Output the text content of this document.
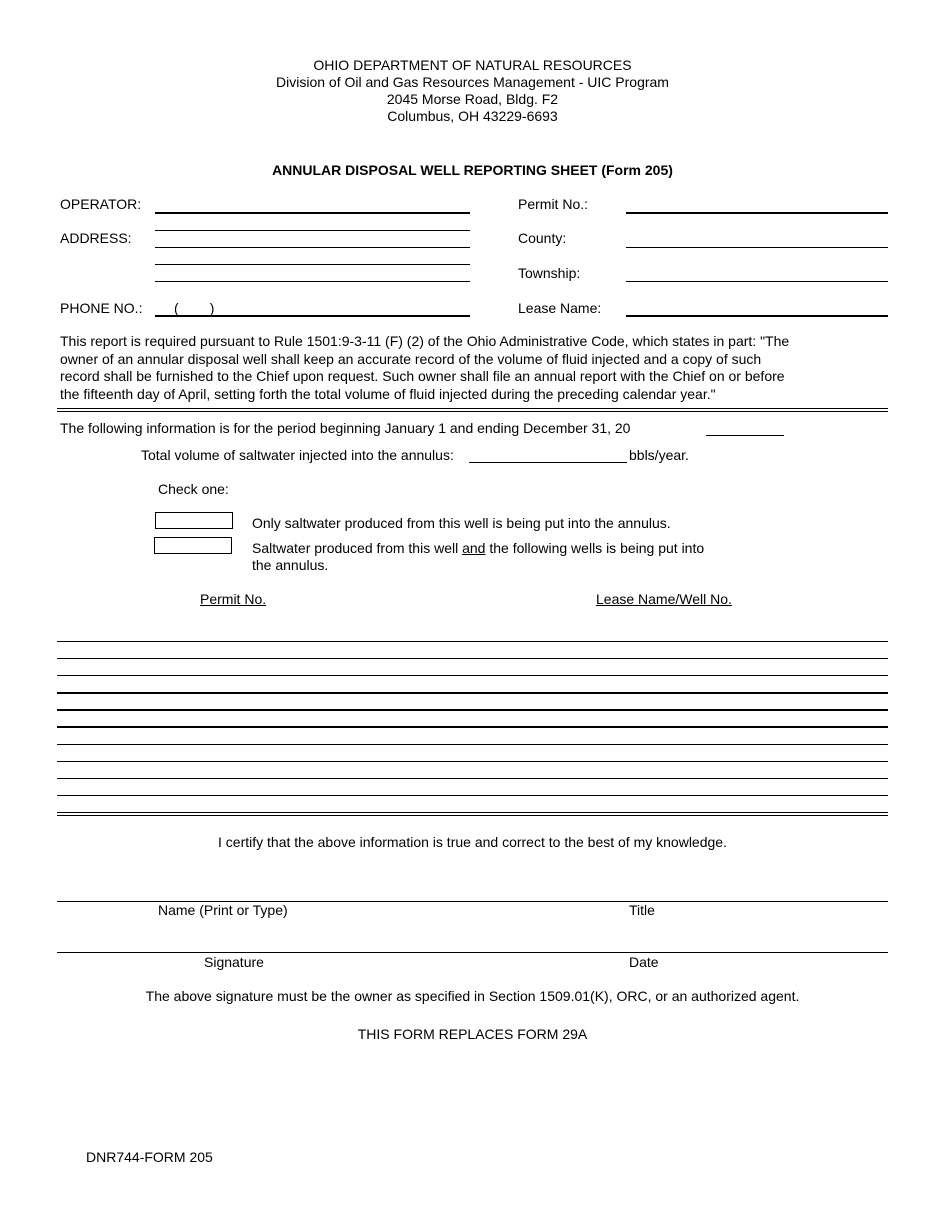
OHIO DEPARTMENT OF NATURAL RESOURCES
Division of Oil and Gas Resources Management - UIC Program
2045 Morse Road, Bldg. F2
Columbus, OH 43229-6693
ANNULAR DISPOSAL WELL REPORTING SHEET (Form 205)
OPERATOR:
ADDRESS:
PHONE NO.: (        )
Permit No.:
County:
Township:
Lease Name:
This report is required pursuant to Rule 1501:9-3-11 (F) (2) of the Ohio Administrative Code, which states in part: "The
owner of an annular disposal well shall keep an accurate record of the volume of fluid injected and a copy of such
record shall be furnished to the Chief upon request. Such owner shall file an annual report with the Chief on or before
the fifteenth day of April, setting forth the total volume of fluid injected during the preceding calendar year."
The following information is for the period beginning January 1 and ending December 31, 20
Total volume of saltwater injected into the annulus:	bbls/year.
Check one:
Only saltwater produced from this well is being put into the annulus.
Saltwater produced from this well and the following wells is being put into
the annulus.
Permit No.	Lease Name/Well No.
I certify that the above information is true and correct to the best of my knowledge.
Name (Print or Type)	Title
Signature	Date
The above signature must be the owner as specified in Section 1509.01(K), ORC, or an authorized agent.
THIS FORM REPLACES FORM 29A
DNR744-FORM 205
